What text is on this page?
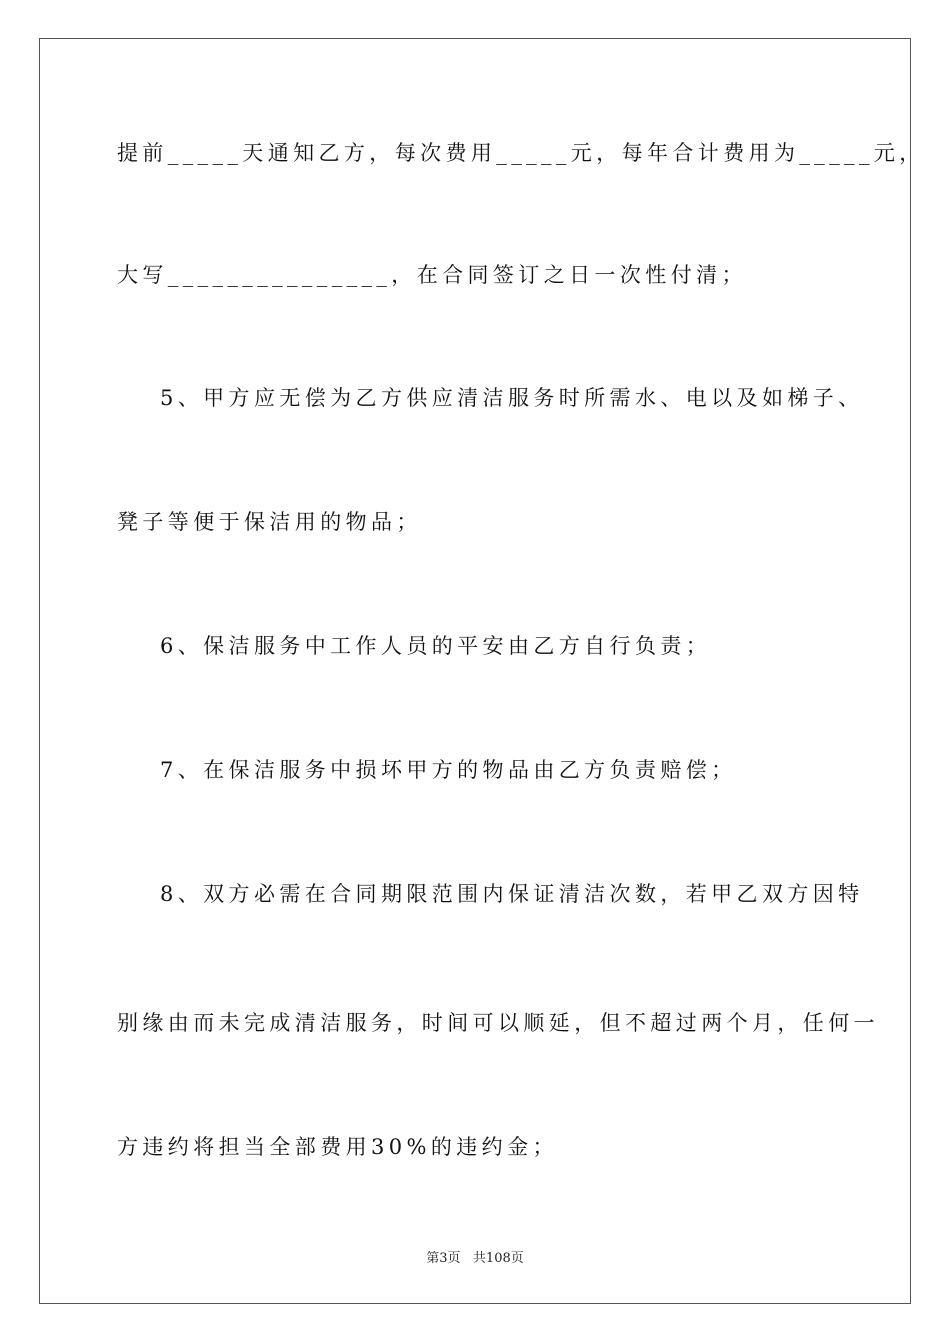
提前_____天通知乙方，每次费用_____元，每年合计费用为_____元，
大写_______________，在合同签订之日一次性付清；
5、甲方应无偿为乙方供应清洁服务时所需水、电以及如梯子、
凳子等便于保洁用的物品；
6、保洁服务中工作人员的平安由乙方自行负责；
7、在保洁服务中损坏甲方的物品由乙方负责赔偿；
8、双方必需在合同期限范围内保证清洁次数，若甲乙双方因特
别缘由而未完成清洁服务，时间可以顺延，但不超过两个月，任何一
方违约将担当全部费用30%的违约金；
第3页   共108页
